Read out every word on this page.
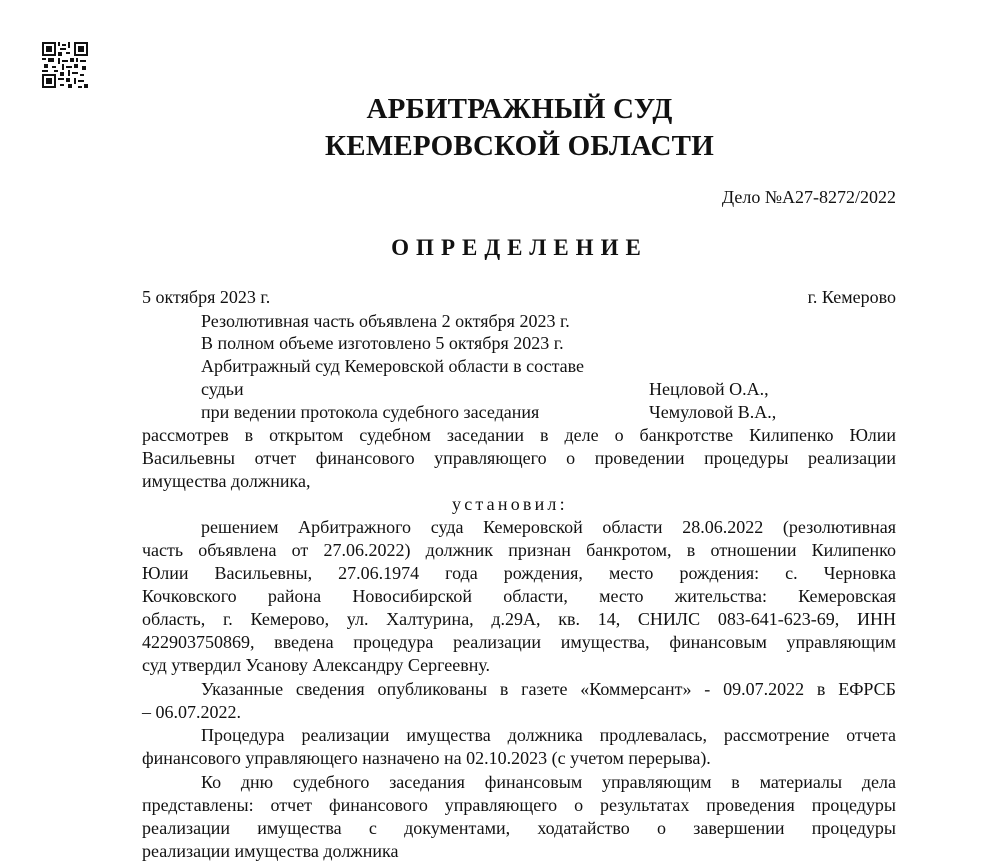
АРБИТРАЖНЫЙ СУД
КЕМЕРОВСКОЙ ОБЛАСТИ
Дело №А27-8272/2022
ОПРЕДЕЛЕНИЕ
5 октября 2023 г.	г. Кемерово
Резолютивная часть объявлена 2 октября 2023 г.
В полном объеме изготовлено 5 октября 2023 г.
Арбитражный суд Кемеровской области в составе
судьи	Нецловой О.А.,
при ведении протокола судебного заседания	Чемуловой В.А.,
рассмотрев в открытом судебном заседании в деле о банкротстве Килипенко Юлии
Васильевны отчет финансового управляющего о проведении процедуры реализации
имущества должника,
установил:
решением Арбитражного суда Кемеровской области 28.06.2022 (резолютивная
часть объявлена от 27.06.2022) должник признан банкротом, в отношении Килипенко
Юлии Васильевны, 27.06.1974 года рождения, место рождения: с. Черновка
Кочковского района Новосибирской области, место жительства: Кемеровская
область, г. Кемерово, ул. Халтурина, д.29А, кв. 14, СНИЛС 083-641-623-69, ИНН
422903750869, введена процедура реализации имущества, финансовым управляющим
суд утвердил Усанову Александру Сергеевну.
Указанные сведения опубликованы в газете «Коммерсант» - 09.07.2022 в ЕФРСБ
– 06.07.2022.
Процедура реализации имущества должника продлевалась, рассмотрение отчета
финансового управляющего назначено на 02.10.2023 (с учетом перерыва).
Ко дню судебного заседания финансовым управляющим в материалы дела
представлены: отчет финансового управляющего о результатах проведения процедуры
реализации имущества с документами, ходатайство о завершении процедуры
реализации имущества должника
